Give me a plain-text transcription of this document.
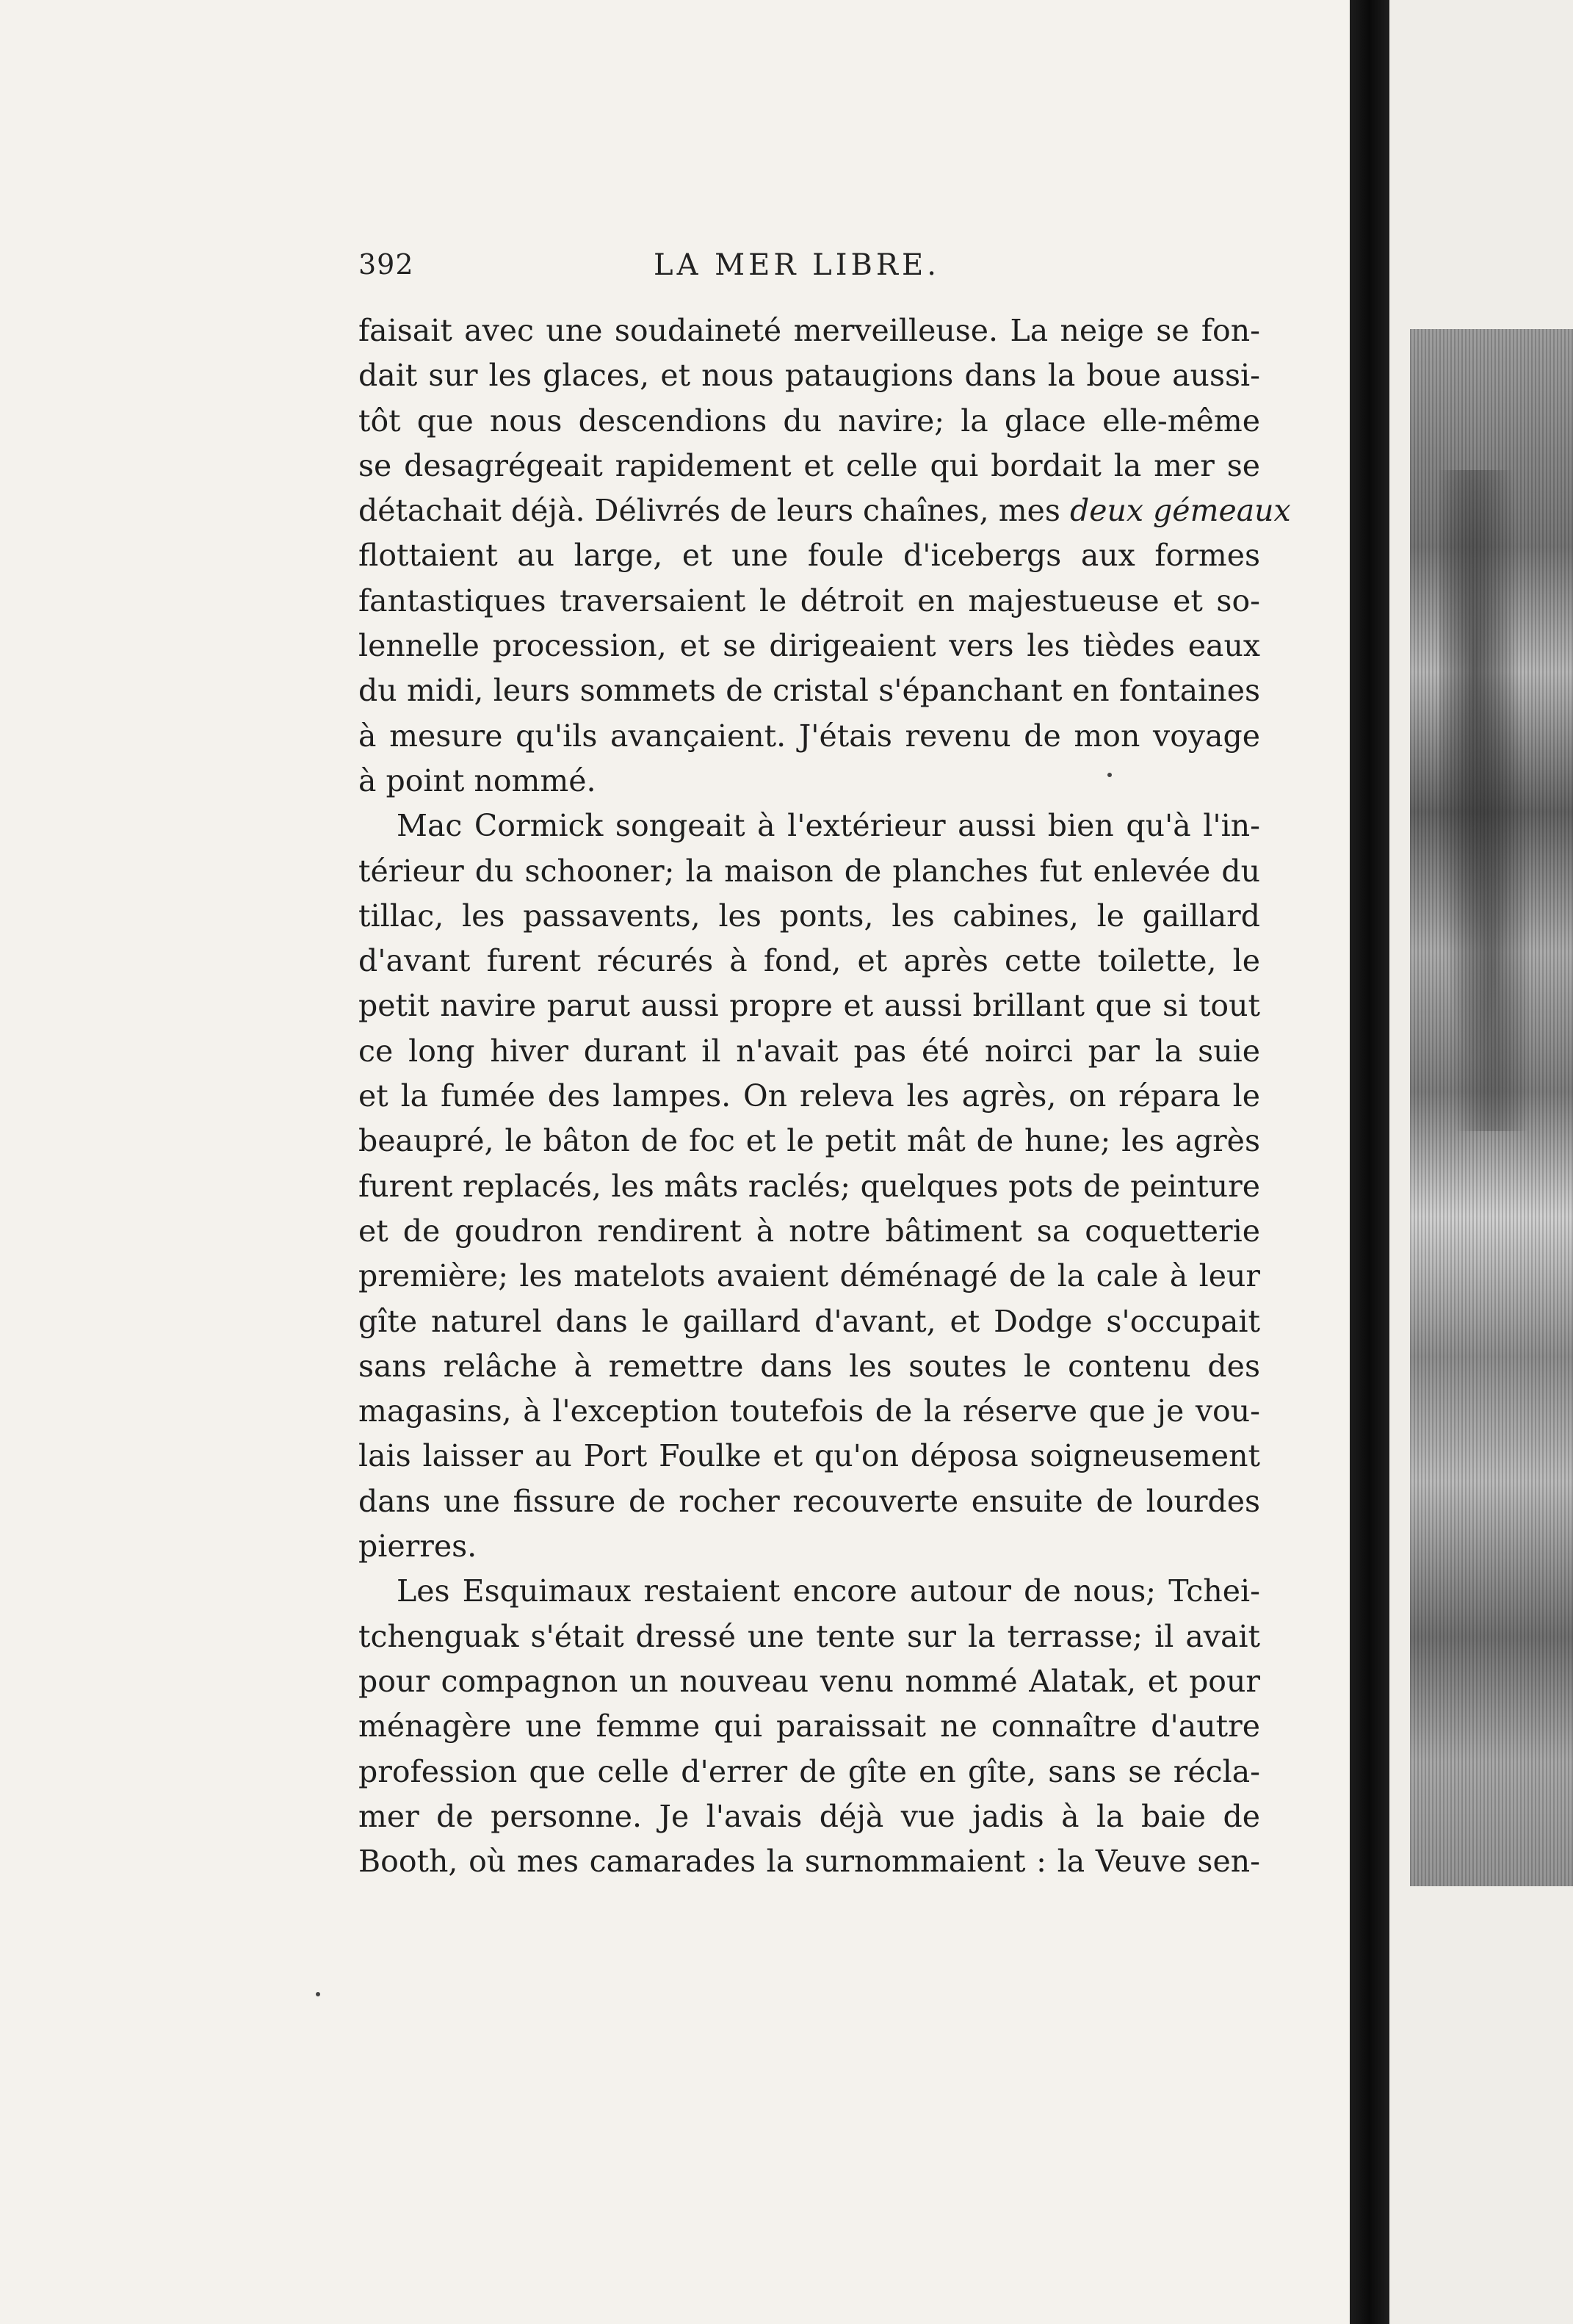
392	LA MER LIBRE.
faisait avec une soudaineté merveilleuse. La neige se fon-
dait sur les glaces, et nous pataugions dans la boue aussi-
tôt que nous descendions du navire; la glace elle-même
se desagrégeait rapidement et celle qui bordait la mer se
détachait déjà. Délivrés de leurs chaînes, mes deux gémeaux
flottaient au large, et une foule d'icebergs aux formes
fantastiques traversaient le détroit en majestueuse et so-
lennelle procession, et se dirigeaient vers les tièdes eaux
du midi, leurs sommets de cristal s'épanchant en fontaines
à mesure qu'ils avançaient. J'étais revenu de mon voyage
à point nommé.
Mac Cormick songeait à l'extérieur aussi bien qu'à l'in-
térieur du schooner; la maison de planches fut enlevée du
tillac, les passavents, les ponts, les cabines, le gaillard
d'avant furent récurés à fond, et après cette toilette, le
petit navire parut aussi propre et aussi brillant que si tout
ce long hiver durant il n'avait pas été noirci par la suie
et la fumée des lampes. On releva les agrès, on répara le
beaupré, le bâton de foc et le petit mât de hune; les agrès
furent replacés, les mâts raclés; quelques pots de peinture
et de goudron rendirent à notre bâtiment sa coquetterie
première; les matelots avaient déménagé de la cale à leur
gîte naturel dans le gaillard d'avant, et Dodge s'occupait
sans relâche à remettre dans les soutes le contenu des
magasins, à l'exception toutefois de la réserve que je vou-
lais laisser au Port Foulke et qu'on déposa soigneusement
dans une fissure de rocher recouverte ensuite de lourdes
pierres.
Les Esquimaux restaient encore autour de nous; Tchei-
tchenguak s'était dressé une tente sur la terrasse; il avait
pour compagnon un nouveau venu nommé Alatak, et pour
ménagère une femme qui paraissait ne connaître d'autre
profession que celle d'errer de gîte en gîte, sans se récla-
mer de personne. Je l'avais déjà vue jadis à la baie de
Booth, où mes camarades la surnommaient : la Veuve sen-
